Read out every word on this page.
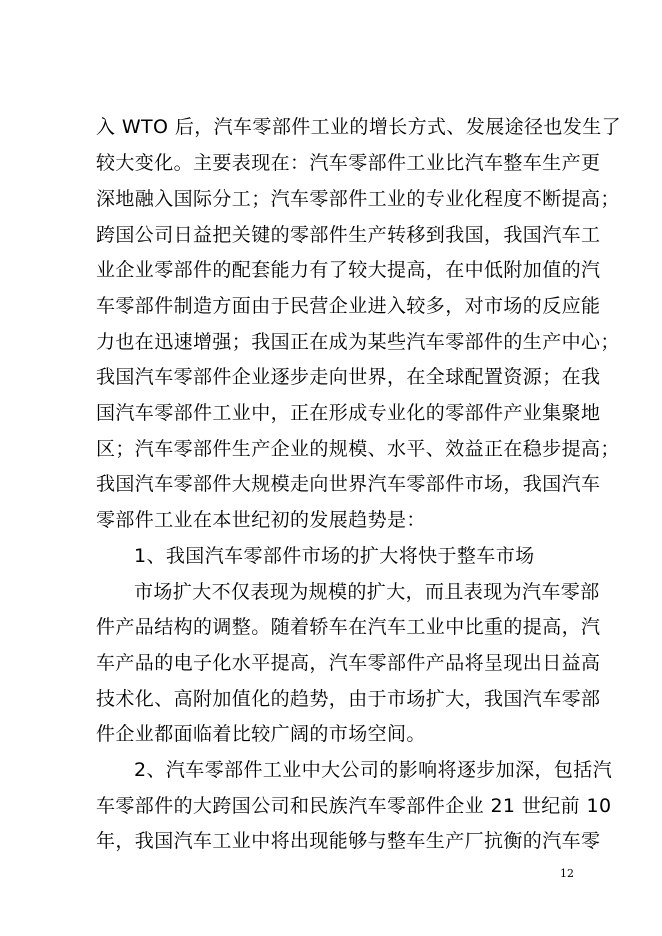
入 WTO 后，汽车零部件工业的增长方式、发展途径也发生了
较大变化。主要表现在：汽车零部件工业比汽车整车生产更
深地融入国际分工；汽车零部件工业的专业化程度不断提高；
跨国公司日益把关键的零部件生产转移到我国，我国汽车工
业企业零部件的配套能力有了较大提高，在中低附加值的汽
车零部件制造方面由于民营企业进入较多，对市场的反应能
力也在迅速增强；我国正在成为某些汽车零部件的生产中心；
我国汽车零部件企业逐步走向世界，在全球配置资源；在我
国汽车零部件工业中，正在形成专业化的零部件产业集聚地
区；汽车零部件生产企业的规模、水平、效益正在稳步提高；
我国汽车零部件大规模走向世界汽车零部件市场，我国汽车
零部件工业在本世纪初的发展趋势是：
1、我国汽车零部件市场的扩大将快于整车市场
市场扩大不仅表现为规模的扩大，而且表现为汽车零部
件产品结构的调整。随着轿车在汽车工业中比重的提高，汽
车产品的电子化水平提高，汽车零部件产品将呈现出日益高
技术化、高附加值化的趋势，由于市场扩大，我国汽车零部
件企业都面临着比较广阔的市场空间。
2、汽车零部件工业中大公司的影响将逐步加深，包括汽
车零部件的大跨国公司和民族汽车零部件企业 21 世纪前 10
年，我国汽车工业中将出现能够与整车生产厂抗衡的汽车零
12
